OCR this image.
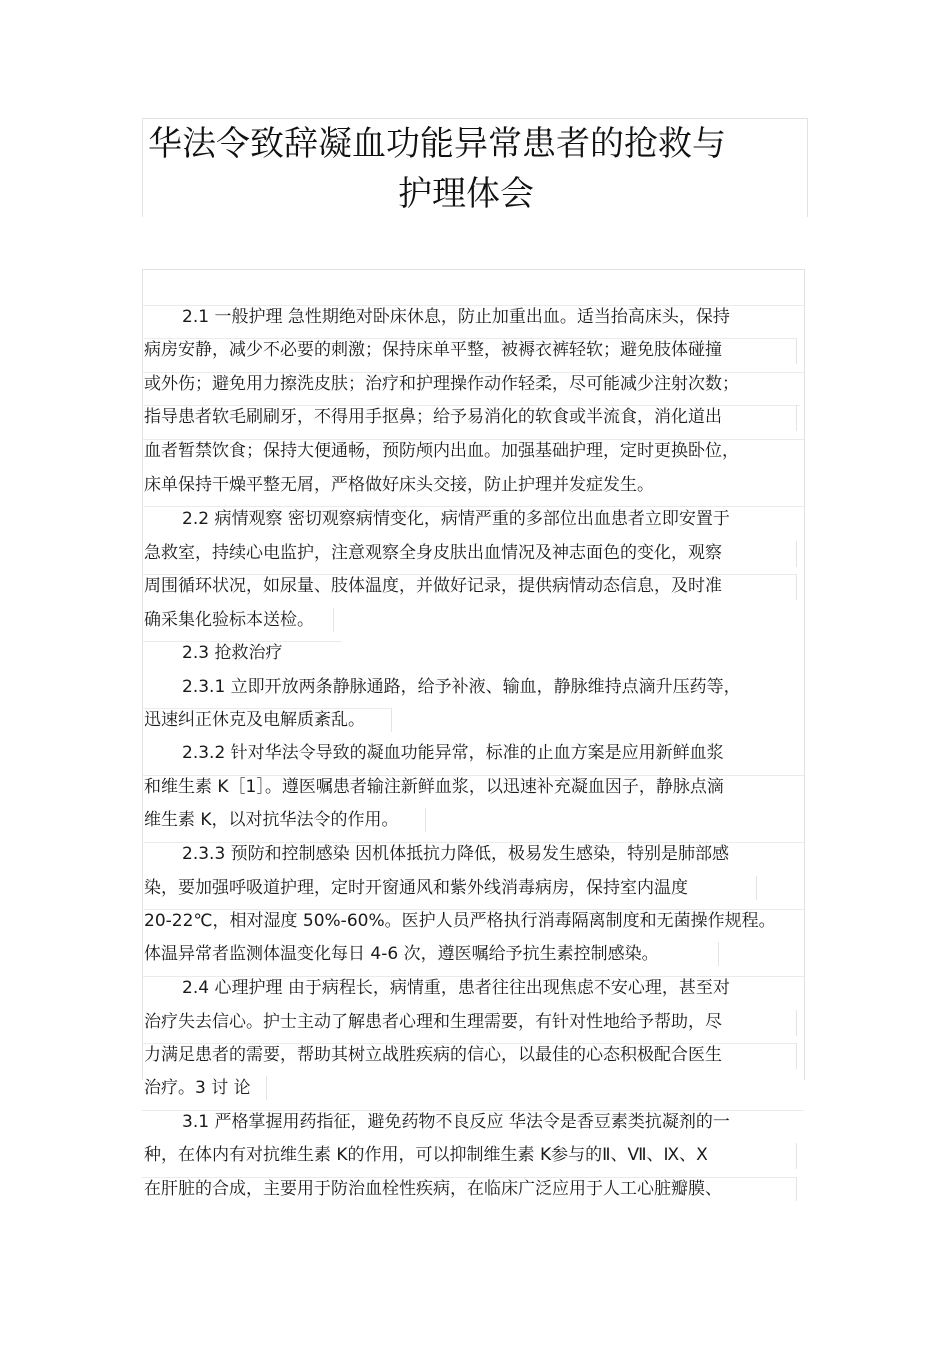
华法令致辞凝血功能异常患者的抢救与
护理体会
2.1 一般护理 急性期绝对卧床休息，防止加重出血。适当抬高床头，保持
病房安静，减少不必要的刺激；保持床单平整，被褥衣裤轻软；避免肢体碰撞
或外伤；避免用力擦洗皮肤；治疗和护理操作动作轻柔，尽可能减少注射次数；
指导患者软毛刷刷牙，不得用手抠鼻；给予易消化的软食或半流食，消化道出
血者暂禁饮食；保持大便通畅，预防颅内出血。加强基础护理，定时更换卧位，
床单保持干燥平整无屑，严格做好床头交接，防止护理并发症发生。
2.2 病情观察 密切观察病情变化，病情严重的多部位出血患者立即安置于
急救室，持续心电监护，注意观察全身皮肤出血情况及神志面色的变化，观察
周围循环状况，如尿量、肢体温度，并做好记录，提供病情动态信息，及时准
确采集化验标本送检。
2.3 抢救治疗
2.3.1 立即开放两条静脉通路，给予补液、输血，静脉维持点滴升压药等，
迅速纠正休克及电解质紊乱。
2.3.2 针对华法令导致的凝血功能异常，标准的止血方案是应用新鲜血浆
和维生素 K［1］。遵医嘱患者输注新鲜血浆，以迅速补充凝血因子，静脉点滴
维生素 K，以对抗华法令的作用。
2.3.3 预防和控制感染 因机体抵抗力降低，极易发生感染，特别是肺部感
染，要加强呼吸道护理，定时开窗通风和紫外线消毒病房，保持室内温度
20-22℃，相对湿度 50%-60%。医护人员严格执行消毒隔离制度和无菌操作规程。
体温异常者监测体温变化每日 4-6 次，遵医嘱给予抗生素控制感染。
2.4 心理护理 由于病程长，病情重，患者往往出现焦虑不安心理，甚至对
治疗失去信心。护士主动了解患者心理和生理需要，有针对性地给予帮助，尽
力满足患者的需要，帮助其树立战胜疾病的信心，以最佳的心态积极配合医生
治疗。3 讨 论
3.1 严格掌握用药指征，避免药物不良反应 华法令是香豆素类抗凝剂的一
种，在体内有对抗维生素 K的作用，可以抑制维生素 K参与的Ⅱ、Ⅶ、Ⅸ、Ⅹ
在肝脏的合成，主要用于防治血栓性疾病，在临床广泛应用于人工心脏瓣膜、
